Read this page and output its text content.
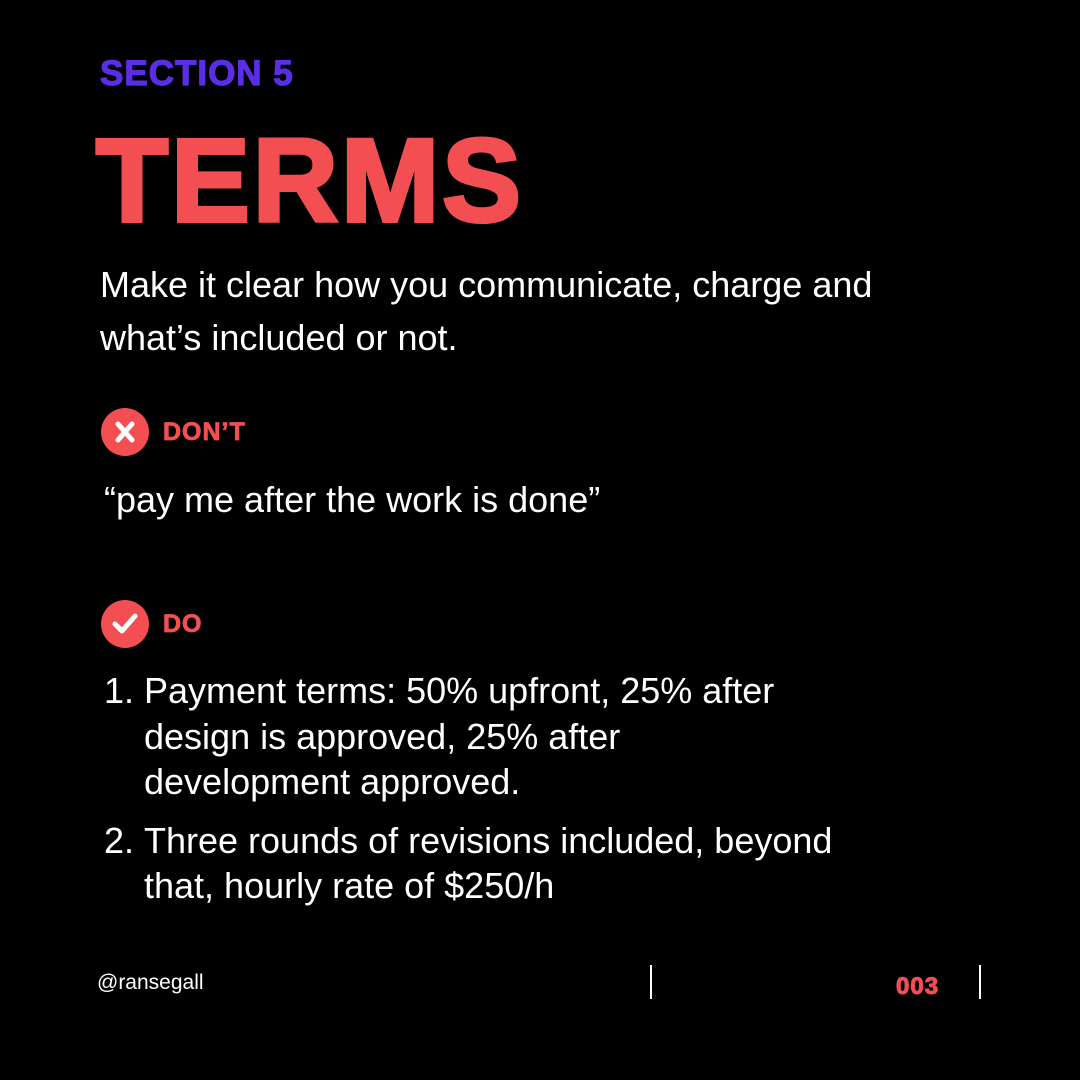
SECTION 5
TERMS
Make it clear how you communicate, charge and what’s included or not.
DON’T
“pay me after the work is done”
DO
1. Payment terms: 50% upfront, 25% after
design is approved, 25% after
development approved.
2. Three rounds of revisions included, beyond
that, hourly rate of $250/h
@ransegall	003
